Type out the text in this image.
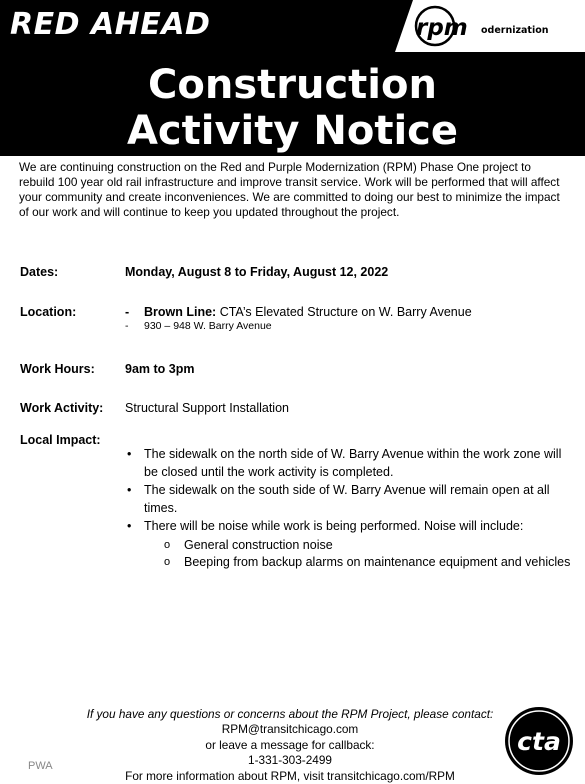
RED AHEAD	rpm odernization
Construction
Activity Notice
We are continuing construction on the Red and Purple Modernization (RPM) Phase One project to rebuild 100 year old rail infrastructure and improve transit service. Work will be performed that will affect your community and create inconveniences. We are committed to doing our best to minimize the impact of our work and will continue to keep you updated throughout the project.
Dates:	Monday, August 8 to Friday, August 12, 2022
Location:	- Brown Line: CTA’s Elevated Structure on W. Barry Avenue
- 930 – 948 W. Barry Avenue
Work Hours: 9am to 3pm
Work Activity: Structural Support Installation
Local Impact:
• The sidewalk on the north side of W. Barry Avenue within the work zone will be closed until the work activity is completed.
• The sidewalk on the south side of W. Barry Avenue will remain open at all times.
• There will be noise while work is being performed. Noise will include:
o General construction noise
o Beeping from backup alarms on maintenance equipment and vehicles
If you have any questions or concerns about the RPM Project, please contact:
RPM@transitchicago.com
or leave a message for callback:
1-331-303-2499
For more information about RPM, visit transitchicago.com/RPM
PWA
cta
